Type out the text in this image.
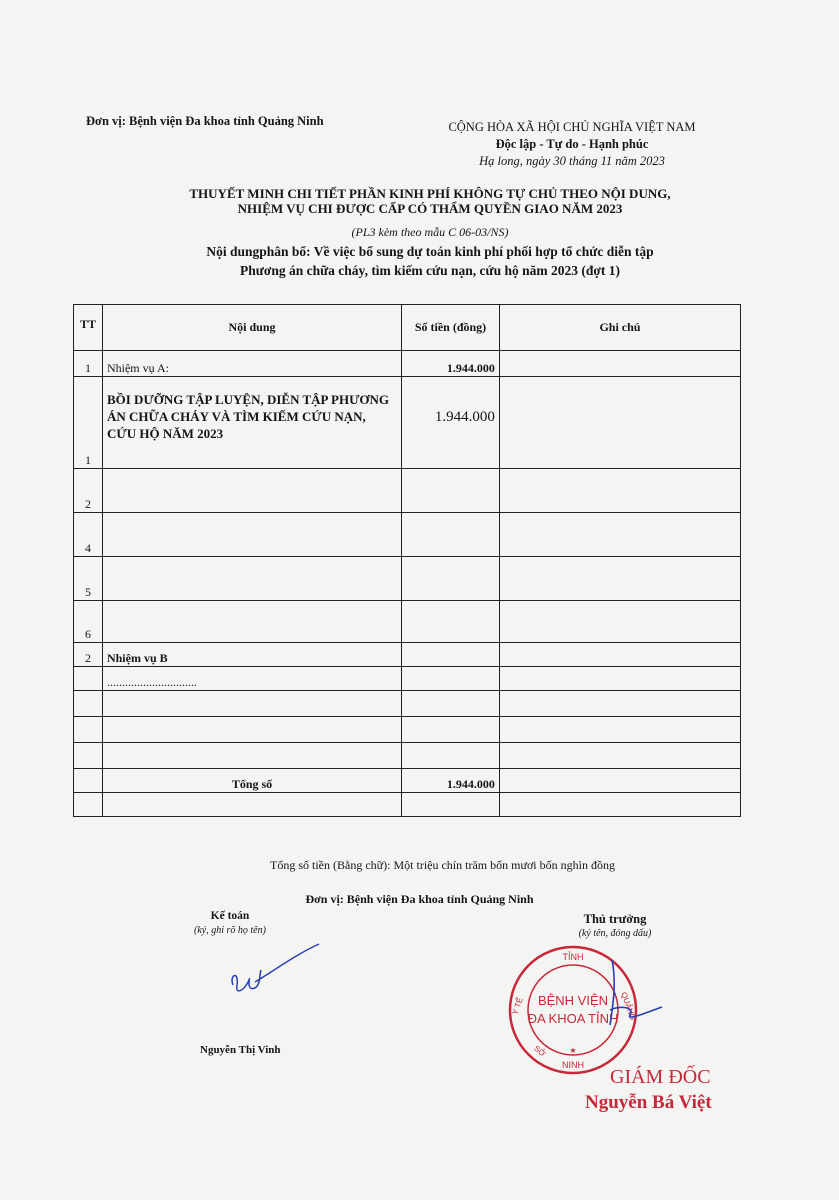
Đơn vị: Bệnh viện Đa khoa tỉnh Quảng Ninh	CỘNG HÒA XÃ HỘI CHỦ NGHĨA VIỆT NAM
Độc lập - Tự do - Hạnh phúc
Hạ long, ngày 30 tháng 11 năm 2023
THUYẾT MINH CHI TIẾT PHẦN KINH PHÍ KHÔNG TỰ CHỦ THEO NỘI DUNG,
NHIỆM VỤ CHI ĐƯỢC CẤP CÓ THẨM QUYỀN GIAO NĂM 2023
(PL3 kèm theo mẫu C 06-03/NS)
Nội dungphân bổ: Về việc bổ sung dự toán kinh phí phối hợp tổ chức diễn tập
Phương án chữa cháy, tìm kiếm cứu nạn, cứu hộ năm 2023 (đợt 1)
TT	Nội dung	Số tiền (đồng)	Ghi chú
1	Nhiệm vụ A:	1.944.000	
1	BỒI DƯỠNG TẬP LUYỆN, DIỄN TẬP PHƯƠNG ÁN CHỮA CHÁY VÀ TÌM KIẾM CỨU NẠN, CỨU HỘ NĂM 2023	1.944.000	
2			
4			
5			
6			
2	Nhiệm vụ B		
	..............................		

	Tổng số	1.944.000	

Tổng số tiền (Bằng chữ): Một triệu chín trăm bốn mươi bốn nghìn đồng
Đơn vị: Bệnh viện Đa khoa tỉnh Quảng Ninh
Kế toán
(ký, ghi rõ họ tên)
Thủ trưởng
(ký tên, đóng dấu)
Nguyễn Thị Vinh
BỆNH VIỆN
ĐA KHOA TỈNH
TỈNH
NINH
Y TẾ	QUẢNG
SỞ	★
GIÁM ĐỐC
Nguyễn Bá Việt
